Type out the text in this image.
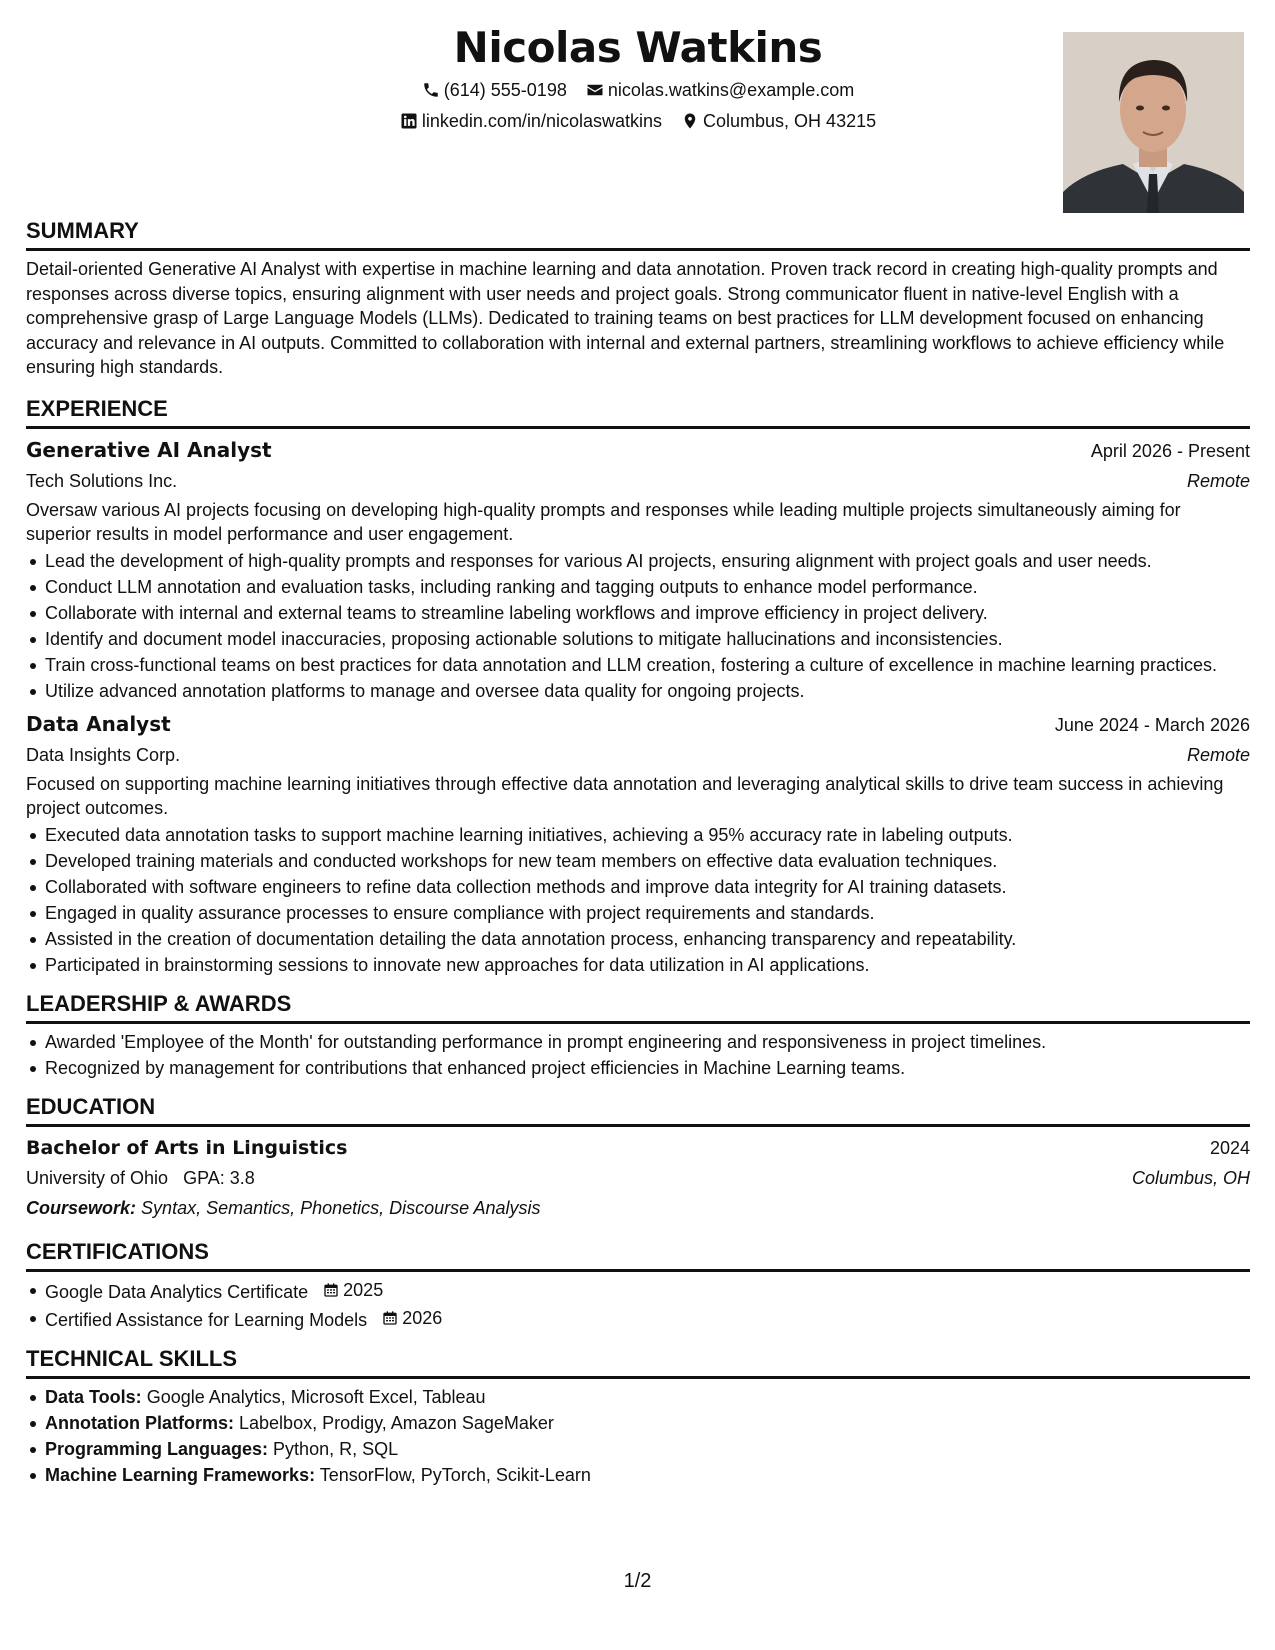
Nicolas Watkins
(614) 555-0198
nicolas.watkins@example.com
linkedin.com/in/nicolaswatkins
Columbus, OH 43215
SUMMARY

Detail-oriented Generative AI Analyst with expertise in machine learning and data annotation. Proven track record in creating high-quality prompts and responses across diverse topics, ensuring alignment with user needs and project goals. Strong communicator fluent in native-level English with a comprehensive grasp of Large Language Models (LLMs). Dedicated to training teams on best practices for LLM development focused on enhancing accuracy and relevance in AI outputs. Committed to collaboration with internal and external partners, streamlining workflows to achieve efficiency while ensuring high standards.

EXPERIENCE
Generative AI Analyst	April 2026 - Present
Tech Solutions Inc.	Remote

Oversaw various AI projects focusing on developing high-quality prompts and responses while leading multiple projects simultaneously aiming for superior results in model performance and user engagement.

Lead the development of high-quality prompts and responses for various AI projects, ensuring alignment with project goals and user needs.
Conduct LLM annotation and evaluation tasks, including ranking and tagging outputs to enhance model performance.
Collaborate with internal and external teams to streamline labeling workflows and improve efficiency in project delivery.
Identify and document model inaccuracies, proposing actionable solutions to mitigate hallucinations and inconsistencies.
Train cross-functional teams on best practices for data annotation and LLM creation, fostering a culture of excellence in machine learning practices.
Utilize advanced annotation platforms to manage and oversee data quality for ongoing projects.
Data Analyst	June 2024 - March 2026
Data Insights Corp.	Remote

Focused on supporting machine learning initiatives through effective data annotation and leveraging analytical skills to drive team success in achieving project outcomes.

Executed data annotation tasks to support machine learning initiatives, achieving a 95% accuracy rate in labeling outputs.
Developed training materials and conducted workshops for new team members on effective data evaluation techniques.
Collaborated with software engineers to refine data collection methods and improve data integrity for AI training datasets.
Engaged in quality assurance processes to ensure compliance with project requirements and standards.
Assisted in the creation of documentation detailing the data annotation process, enhancing transparency and repeatability.
Participated in brainstorming sessions to innovate new approaches for data utilization in AI applications.
LEADERSHIP & AWARDS
Awarded 'Employee of the Month' for outstanding performance in prompt engineering and responsiveness in project timelines.
Recognized by management for contributions that enhanced project efficiencies in Machine Learning teams.
EDUCATION
Bachelor of Arts in Linguistics	2024
University of Ohio GPA: 3.8	Columbus, OH
Coursework: Syntax, Semantics, Phonetics, Discourse Analysis
CERTIFICATIONS
Google Data Analytics Certificate 2025
Certified Assistance for Learning Models 2026
TECHNICAL SKILLS
Data Tools: Google Analytics, Microsoft Excel, Tableau
Annotation Platforms: Labelbox, Prodigy, Amazon SageMaker
Programming Languages: Python, R, SQL
Machine Learning Frameworks: TensorFlow, PyTorch, Scikit-Learn
1/2
